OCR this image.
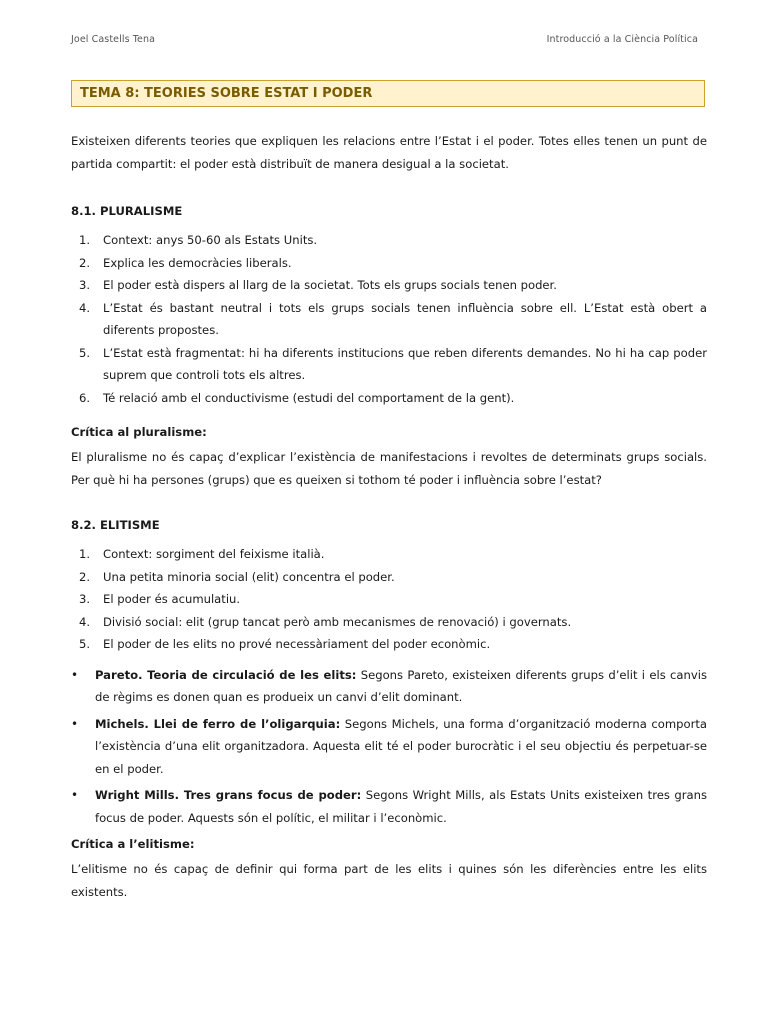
Joel Castells Tena	Introducció a la Ciència Política
TEMA 8: TEORIES SOBRE ESTAT I PODER

Existeixen diferents teories que expliquen les relacions entre l’Estat i el poder. Totes elles tenen un punt de partida compartit: el poder està distribuït de manera desigual a la societat.

8.1. PLURALISME
1. Context: anys 50-60 als Estats Units.
2. Explica les democràcies liberals.
3. El poder està dispers al llarg de la societat. Tots els grups socials tenen poder.
4. L’Estat és bastant neutral i tots els grups socials tenen influència sobre ell. L’Estat està obert a diferents propostes.
5. L’Estat està fragmentat: hi ha diferents institucions que reben diferents demandes. No hi ha cap poder suprem que controli tots els altres.
6. Té relació amb el conductivisme (estudi del comportament de la gent).
Crítica al pluralisme:

El pluralisme no és capaç d’explicar l’existència de manifestacions i revoltes de determinats grups socials. Per què hi ha persones (grups) que es queixen si tothom té poder i influència sobre l’estat?

8.2. ELITISME
1. Context: sorgiment del feixisme italià.
2. Una petita minoria social (elit) concentra el poder.
3. El poder és acumulatiu.
4. Divisió social: elit (grup tancat però amb mecanismes de renovació) i governats.
5. El poder de les elits no prové necessàriament del poder econòmic.
• Pareto. Teoria de circulació de les elits: Segons Pareto, existeixen diferents grups d’elit i els canvis de règims es donen quan es produeix un canvi d’elit dominant.
• Michels. Llei de ferro de l’oligarquia: Segons Michels, una forma d’organització moderna comporta l’existència d’una elit organitzadora. Aquesta elit té el poder burocràtic i el seu objectiu és perpetuar-se en el poder.
• Wright Mills. Tres grans focus de poder: Segons Wright Mills, als Estats Units existeixen tres grans focus de poder. Aquests són el polític, el militar i l’econòmic.
Crítica a l’elitisme:

L’elitisme no és capaç de definir qui forma part de les elits i quines són les diferències entre les elits existents.
